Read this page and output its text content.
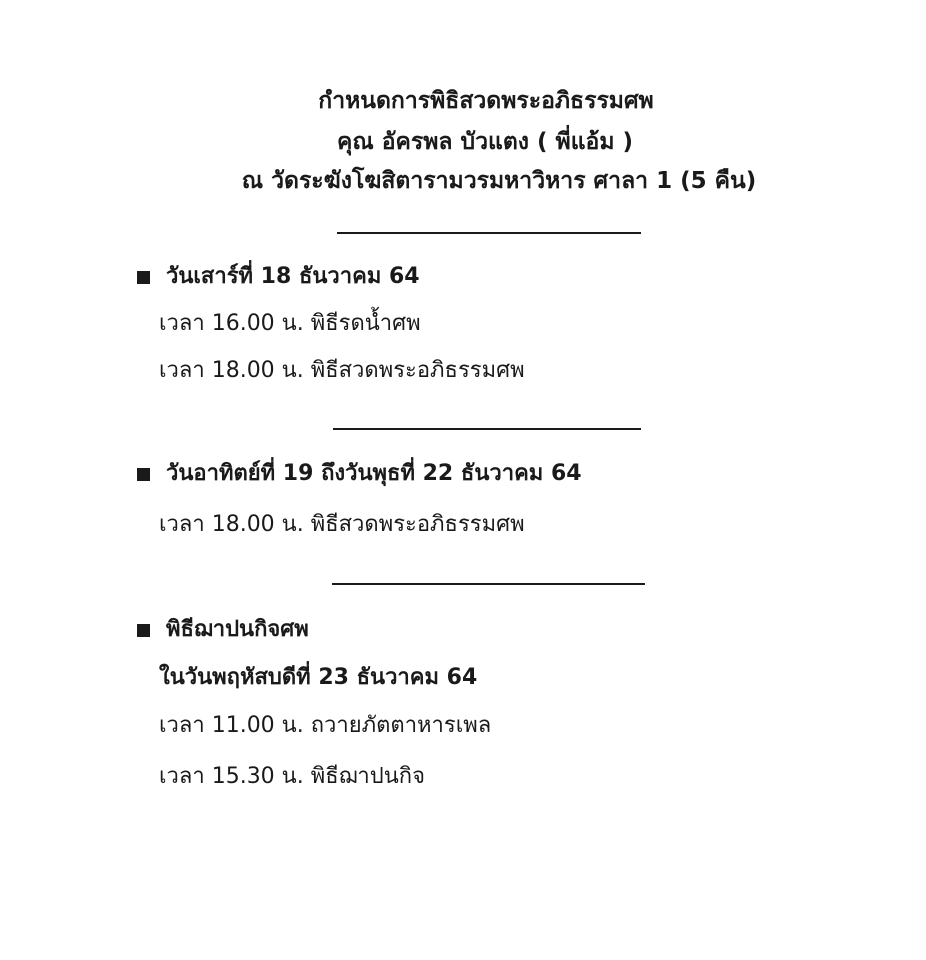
กำหนดการพิธิสวดพระอภิธรรมศพ
คุณ อัครพล บัวแตง ( พี่แอ้ม )
ณ วัดระฆังโฆสิตารามวรมหาวิหาร ศาลา 1 (5 คืน)
วันเสาร์ที่ 18 ธันวาคม 64
เวลา 16.00 น. พิธีรดน้ำศพ
เวลา 18.00 น. พิธีสวดพระอภิธรรมศพ
วันอาทิตย์ที่ 19 ถึงวันพุธที่ 22 ธันวาคม 64
เวลา 18.00 น. พิธีสวดพระอภิธรรมศพ
พิธีฌาปนกิจศพ
ในวันพฤหัสบดีที่ 23 ธันวาคม 64
เวลา 11.00 น. ถวายภัตตาหารเพล
เวลา 15.30 น. พิธีฌาปนกิจ
